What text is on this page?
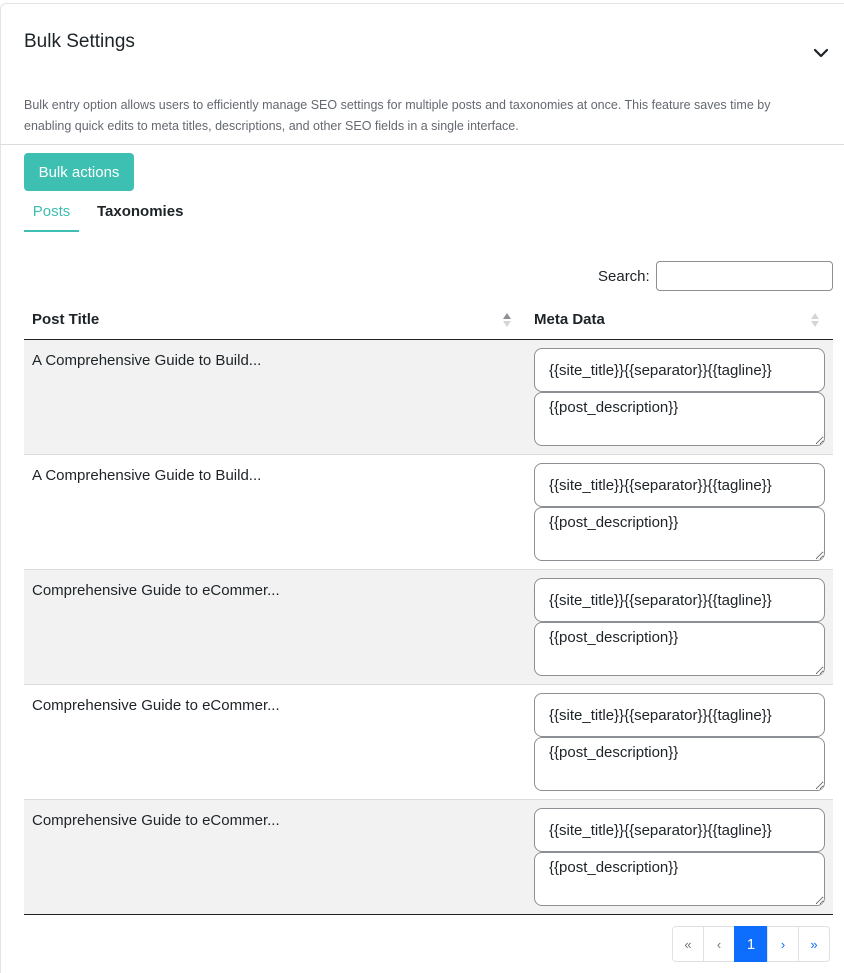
Bulk Settings
Bulk entry option allows users to efficiently manage SEO settings for multiple posts and taxonomies at once. This feature saves time by enabling quick edits to meta titles, descriptions, and other SEO fields in a single interface.
Bulk actions
Posts	Taxonomies
Search:
Post Title	Meta Data
A Comprehensive Guide to Build...
{{site_title}}{{separator}}{{tagline}}
{{post_description}}
A Comprehensive Guide to Build...
{{site_title}}{{separator}}{{tagline}}
{{post_description}}
Comprehensive Guide to eCommer...
{{site_title}}{{separator}}{{tagline}}
{{post_description}}
Comprehensive Guide to eCommer...
{{site_title}}{{separator}}{{tagline}}
{{post_description}}
Comprehensive Guide to eCommer...
{{site_title}}{{separator}}{{tagline}}
{{post_description}}
«	‹	1	›	»
